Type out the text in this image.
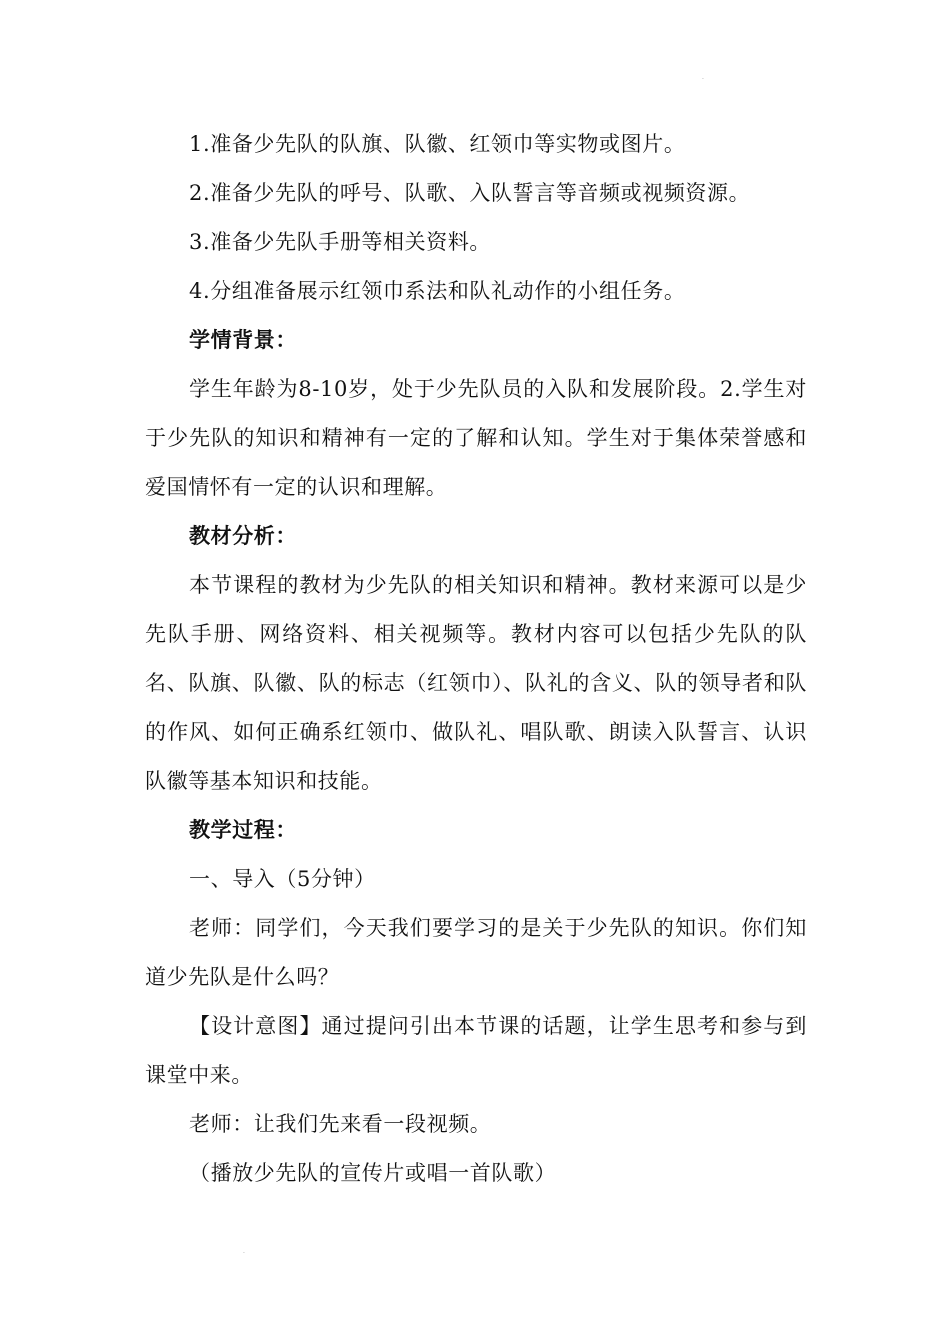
.
.

1.准备少先队的队旗、队徽、红领巾等实物或图片。

2.准备少先队的呼号、队歌、入队誓言等音频或视频资源。

3.准备少先队手册等相关资料。

4.分组准备展示红领巾系法和队礼动作的小组任务。

学情背景：

学生年龄为8-10岁，处于少先队员的入队和发展阶段。2.学生对于少先队的知识和精神有一定的了解和认知。学生对于集体荣誉感和爱国情怀有一定的认识和理解。

教材分析：

本节课程的教材为少先队的相关知识和精神。教材来源可以是少先队手册、网络资料、相关视频等。教材内容可以包括少先队的队名、队旗、队徽、队的标志（红领巾）、队礼的含义、队的领导者和队的作风、如何正确系红领巾、做队礼、唱队歌、朗读入队誓言、认识队徽等基本知识和技能。

教学过程：

一、导入（5分钟）

老师：同学们，今天我们要学习的是关于少先队的知识。你们知道少先队是什么吗？

【设计意图】通过提问引出本节课的话题，让学生思考和参与到课堂中来。

老师：让我们先来看一段视频。

（播放少先队的宣传片或唱一首队歌）
